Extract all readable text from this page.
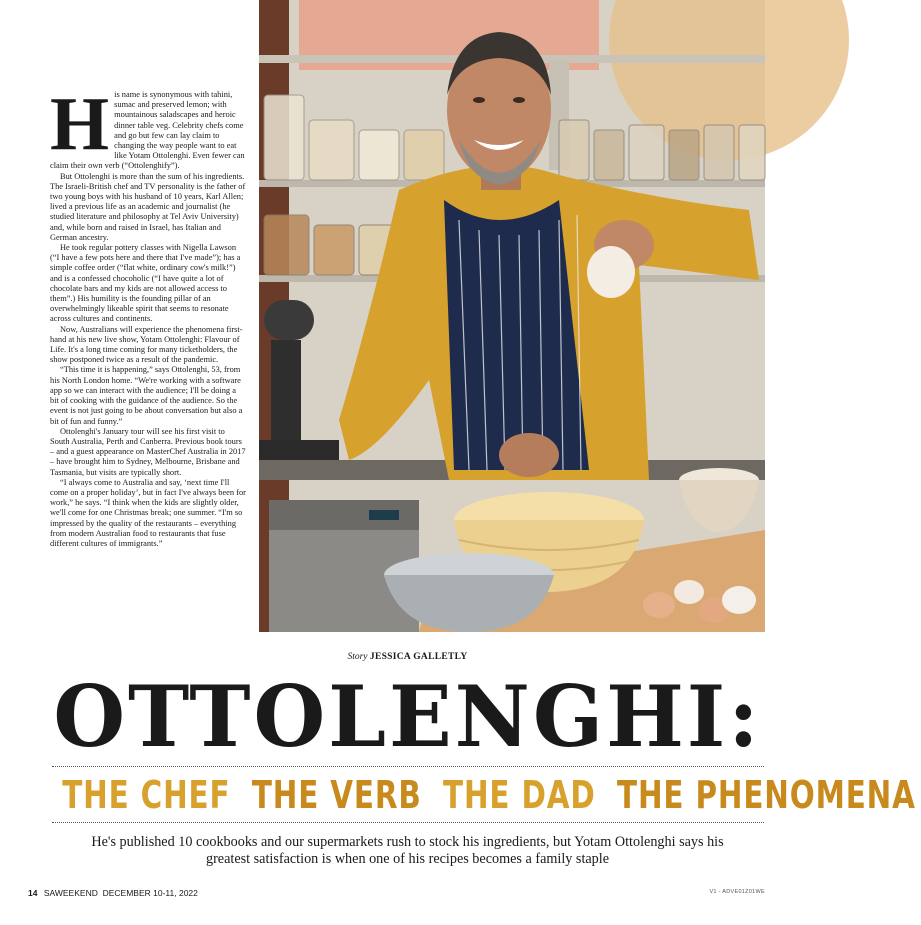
His name is synonymous with tahini, sumac and preserved lemon; with mountainous saladscapes and heroic dinner table veg. Celebrity chefs come and go but few can lay claim to changing the way people want to eat like Yotam Ottolenghi. Even fewer can claim their own verb (“Ottolenghify”).

But Ottolenghi is more than the sum of his ingredients. The Israeli-British chef and TV personality is the father of two young boys with his husband of 10 years, Karl Allen; lived a previous life as an academic and journalist (he studied literature and philosophy at Tel Aviv University) and, while born and raised in Israel, has Italian and German ancestry.

He took regular pottery classes with Nigella Lawson (“I have a few pots here and there that I've made”); has a simple coffee order (“flat white, ordinary cow's milk!”) and is a confessed chocoholic (“I have quite a lot of chocolate bars and my kids are not allowed access to them”.) His humility is the founding pillar of an overwhelmingly likeable spirit that seems to resonate across cultures and continents.

Now, Australians will experience the phenomena first-hand at his new live show, Yotam Ottolenghi: Flavour of Life. It's a long time coming for many ticketholders, the show postponed twice as a result of the pandemic.

“This time it is happening,” says Ottolenghi, 53, from his North London home. “We're working with a software app so we can interact with the audience; I'll be doing a bit of cooking with the guidance of the audience. So the event is not just going to be about conversation but also a bit of fun and funny.”

Ottolenghi's January tour will see his first visit to South Australia, Perth and Canberra. Previous book tours – and a guest appearance on MasterChef Australia in 2017 – have brought him to Sydney, Melbourne, Brisbane and Tasmania, but visits are typically short.

“I always come to Australia and say, ‘next time I'll come on a proper holiday’, but in fact I've always been for work,” he says. “I think when the kids are slightly older, we'll come for one Christmas break; one summer. “I'm so impressed by the quality of the restaurants – everything from modern Australian food to restaurants that fuse different cultures of immigrants.”

Story JESSICA GALLETLY
OTTOLENGHI:
THE CHEF THE VERB THE DAD THE PHENOMENA
He's published 10 cookbooks and our supermarkets rush to stock his ingredients, but Yotam Ottolenghi says his greatest satisfaction is when one of his recipes becomes a family staple
14 SAWEEKEND DECEMBER 10-11, 2022	V1 - ADVE01Z01WE
